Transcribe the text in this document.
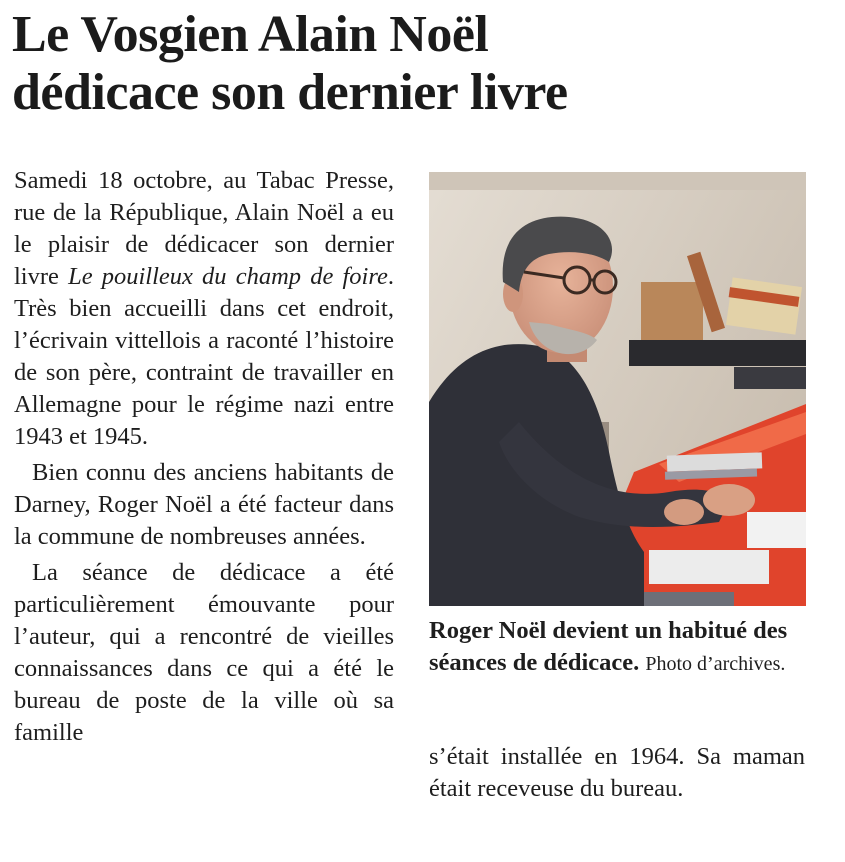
Le Vosgien Alain Noël
dédicace son dernier livre

Samedi 18 octobre, au Tabac Presse, rue de la République, Alain Noël a eu le plaisir de dédicacer son dernier livre Le pouilleux du champ de foire. Très bien accueilli dans cet endroit, l’écrivain vittellois a raconté l’histoire de son père, contraint de travailler en Allemagne pour le régime nazi entre 1943 et 1945.

Bien connu des anciens habitants de Darney, Roger Noël a été facteur dans la commune de nombreuses années.

La séance de dédicace a été particulièrement émouvante pour l’auteur, qui a rencontré de vieilles connaissances dans ce qui a été le bureau de poste de la ville où sa famille

Roger Noël devient un habitué des séances de dédicace. Photo d’archives.

s’était installée en 1964. Sa maman était receveuse du bureau.
